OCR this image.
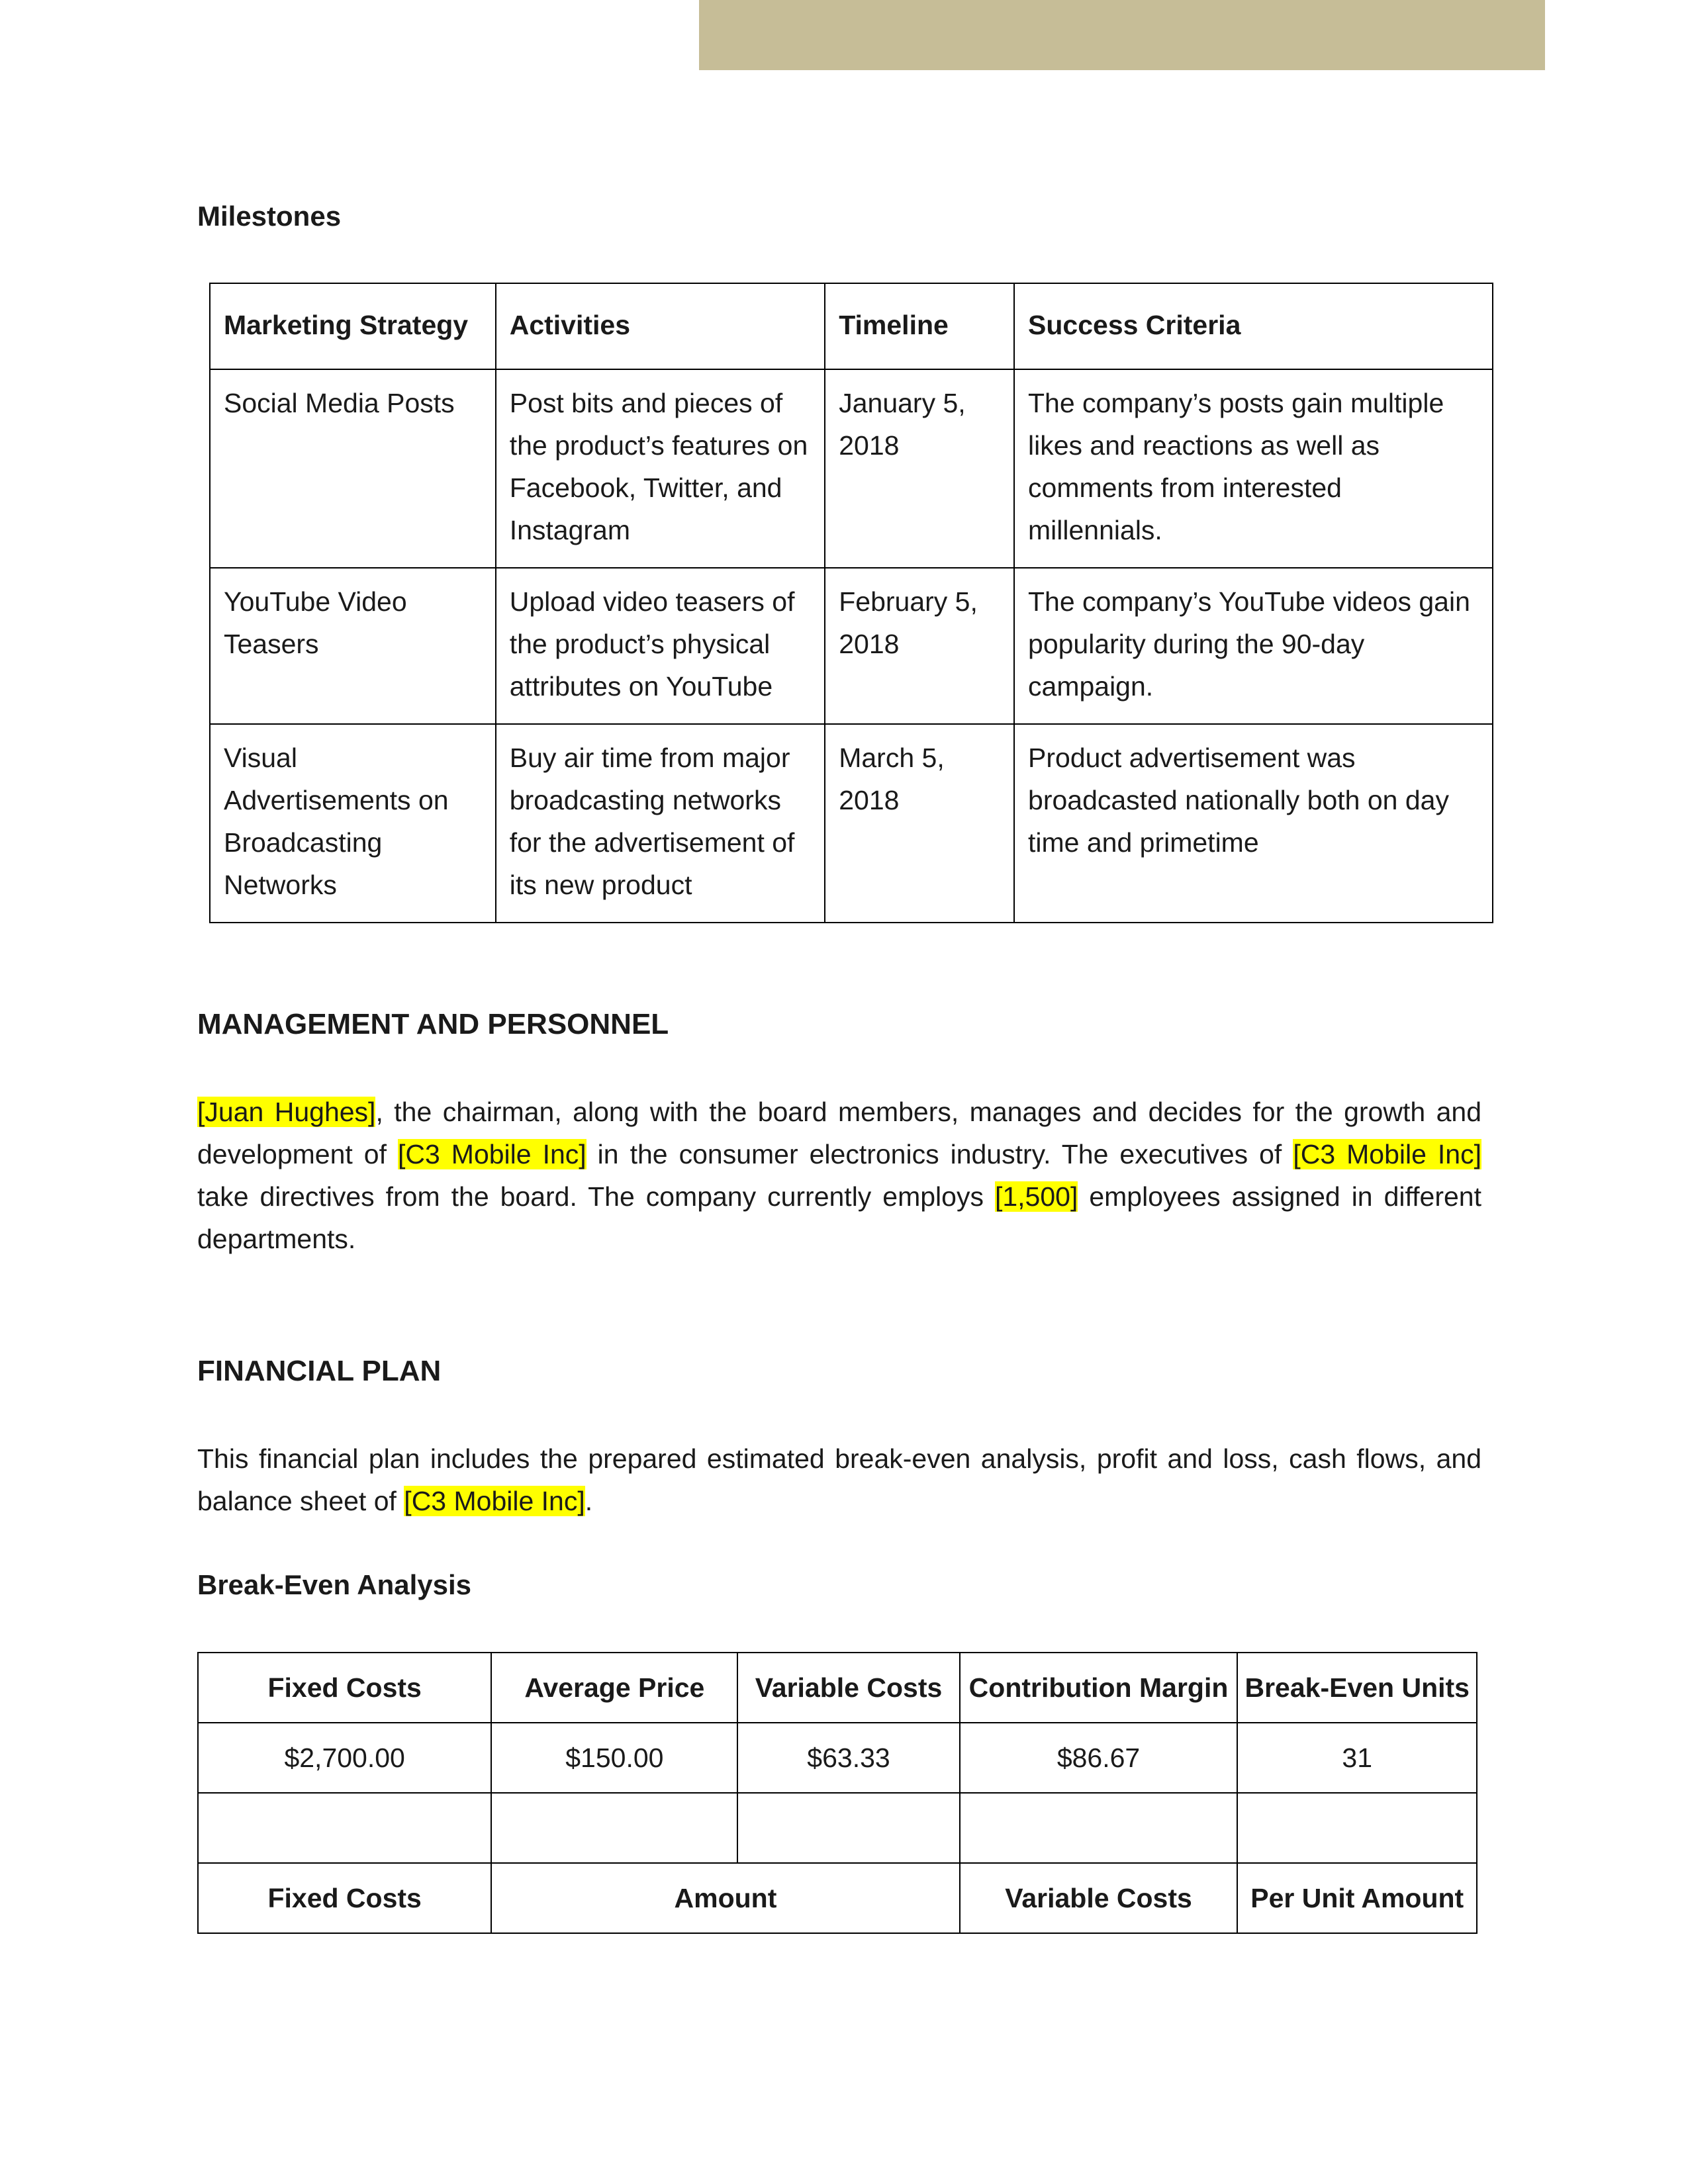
Milestones
Marketing Strategy	Activities	Timeline	Success Criteria
Social Media Posts	Post bits and pieces of the product’s features on Facebook, Twitter, and Instagram	January 5, 2018	The company’s posts gain multiple likes and reactions as well as comments from interested millennials.
YouTube Video Teasers	Upload video teasers of the product’s physical attributes on YouTube	February 5, 2018	The company’s YouTube videos gain popularity during the 90-day campaign.
Visual Advertisements on Broadcasting Networks	Buy air time from major broadcasting networks for the advertisement of its new product	March 5, 2018	Product advertisement was broadcasted nationally both on day time and primetime
MANAGEMENT AND PERSONNEL
[Juan Hughes], the chairman, along with the board members, manages and decides for the growth and development of [C3 Mobile Inc] in the consumer electronics industry. The executives of [C3 Mobile Inc] take directives from the board. The company currently employs [1,500] employees assigned in different departments.
FINANCIAL PLAN
This financial plan includes the prepared estimated break-even analysis, profit and loss, cash flows, and balance sheet of [C3 Mobile Inc].
Break-Even Analysis
Fixed Costs	Average Price	Variable Costs	Contribution Margin	Break-Even Units
$2,700.00	$150.00	$63.33	$86.67	31

Fixed Costs	Amount		Variable Costs	Per Unit Amount
